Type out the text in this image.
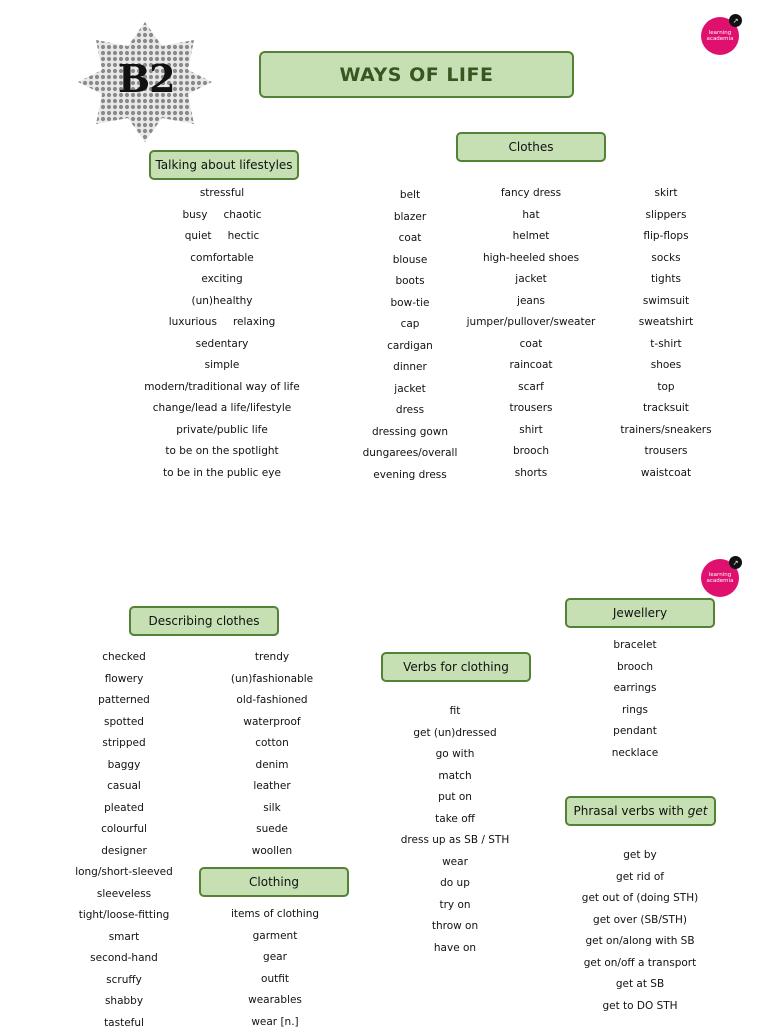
B2	WAYS OF LIFE
learning
academia
↗
learning
academia
↗
Talking about lifestyles
stressful
busy chaotic
quiet hectic
comfortable
exciting
(un)healthy
luxurious relaxing
sedentary
simple
modern/traditional way of life
change/lead a life/lifestyle
private/public life
to be on the spotlight
to be in the public eye
Clothes
belt
blazer
coat
blouse
boots
bow-tie
cap
cardigan
dinner
jacket
dress
dressing gown
dungarees/overall
evening dress
fancy dress
hat
helmet
high-heeled shoes
jacket
jeans
jumper/pullover/sweater
coat
raincoat
scarf
trousers
shirt
brooch
shorts
skirt
slippers
flip-flops
socks
tights
swimsuit
sweatshirt
t-shirt
shoes
top
tracksuit
trainers/sneakers
trousers
waistcoat
Describing clothes
checked
flowery
patterned
spotted
stripped
baggy
casual
pleated
colourful
designer
long/short-sleeved
sleeveless
tight/loose-fitting
smart
second-hand
scruffy
shabby
tasteful
trendy
(un)fashionable
old-fashioned
waterproof
cotton
denim
leather
silk
suede
woollen
Clothing
items of clothing
garment
gear
outfit
wearables
wear [n.]
Verbs for clothing
fit
get (un)dressed
go with
match
put on
take off
dress up as SB / STH
wear
do up
try on
throw on
have on
Jewellery
bracelet
brooch
earrings
rings
pendant
necklace
Phrasal verbs with get
get by
get rid of
get out of (doing STH)
get over (SB/STH)
get on/along with SB
get on/off a transport
get at SB
get to DO STH
